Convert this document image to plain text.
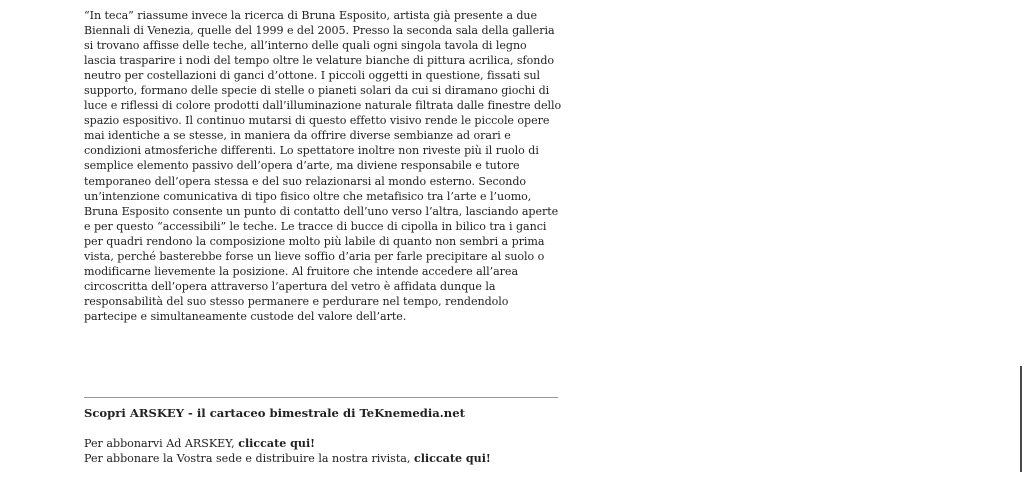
“In teca” riassume invece la ricerca di Bruna Esposito, artista già presente a due Biennali di Venezia, quelle del 1999 e del 2005. Presso la seconda sala della galleria si trovano affisse delle teche, all’interno delle quali ogni singola tavola di legno lascia trasparire i nodi del tempo oltre le velature bianche di pittura acrilica, sfondo neutro per costellazioni di ganci d’ottone. I piccoli oggetti in questione, fissati sul supporto, formano delle specie di stelle o pianeti solari da cui si diramano giochi di luce e riflessi di colore prodotti dall’illuminazione naturale filtrata dalle finestre dello spazio espositivo. Il continuo mutarsi di questo effetto visivo rende le piccole opere mai identiche a se stesse, in maniera da offrire diverse sembianze ad orari e condizioni atmosferiche differenti. Lo spettatore inoltre non riveste più il ruolo di semplice elemento passivo dell’opera d’arte, ma diviene responsabile e tutore temporaneo dell’opera stessa e del suo relazionarsi al mondo esterno. Secondo un’intenzione comunicativa di tipo fisico oltre che metafisico tra l’arte e l’uomo, Bruna Esposito consente un punto di contatto dell’uno verso l’altra, lasciando aperte e per questo “accessibili” le teche. Le tracce di bucce di cipolla in bilico tra i ganci per quadri rendono la composizione molto più labile di quanto non sembri a prima vista, perché basterebbe forse un lieve soffio d’aria per farle precipitare al suolo o modificarne lievemente la posizione. Al fruitore che intende accedere all’area circoscritta dell’opera attraverso l’apertura del vetro è affidata dunque la responsabilità del suo stesso permanere e perdurare nel tempo, rendendolo partecipe e simultaneamente custode del valore dell’arte.

Scopri ARSKEY - il cartaceo bimestrale di TeKnemedia.net

Per abbonarvi Ad ARSKEY, cliccate qui!
Per abbonare la Vostra sede e distribuire la nostra rivista, cliccate qui!
